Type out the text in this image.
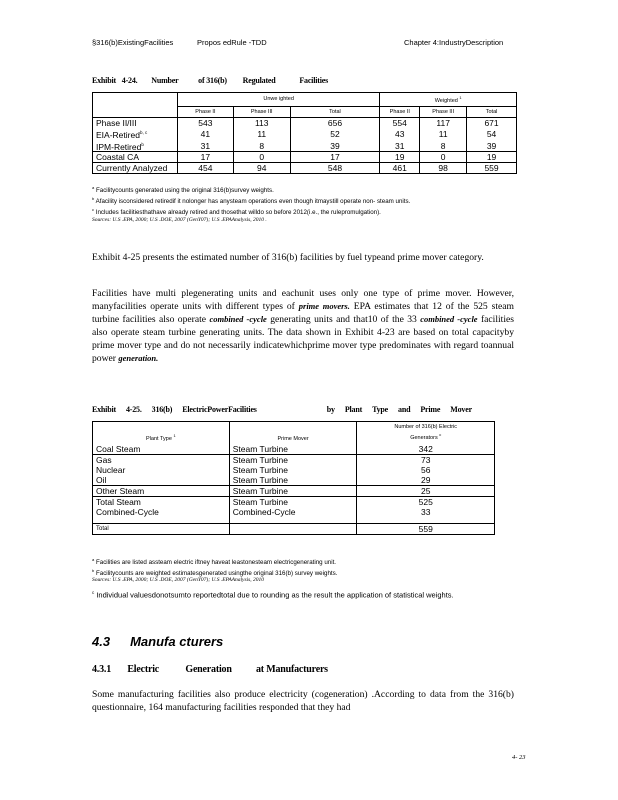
§316(b)ExistingFacilities	Propos edRule -TDD	Chapter 4:IndustryDescription
Exhibit 4-24. Number of 316(b) Regulated	Facilities
	Unwe ighted			Weighted $^1$
	Phase II	Phase III	Total	Phase II	Phase III	Total
Phase II/III	543	113	656	554	117	671
EIA-Retired$^{b, c}$	41	11	52	43	11	54
IPM-Retired$^b$	31	8	39	31	8	39
Coastal CA	17	0	17	19	0	19
Currently Analyzed	454	94	548	461	98	559
$^a$ Facilitycounts generated using the original 316(b)survey weights.
$^b$ Afacility isconsidered retiredif it nolonger has anysteam operations even though itmaystill operate non- steam units.
$^c$ Includes facilitiesthathave already retired and thosethat willdo so before 2012(i.e., the rulepromulgation).
Sources: U.S .EPA, 2000; U.S .DOE, 2007 (GenY07); U.S .EPAAnalysis, 2010 .
Exhibit 4-25 presents the estimated number of 316(b) facilities by fuel typeand prime mover category.
Facilities have multi plegenerating units and eachunit uses only one type of prime mover. However, manyfacilities operate units with different types of prime movers. EPA estimates that 12 of the 525 steam turbine facilities also operate combined -cycle generating units and that10 of the 33 combined -cycle facilities also operate steam turbine generating units. The data shown in Exhibit 4-23 are based on total capacityby prime mover type and do not necessarily indicatewhichprime mover type predominates with regard toannual power generation.
Exhibit 4-25. 316(b) ElectricPowerFacilities	by Plant Type and Prime Mover
Plant Type $^1$	Prime Mover	Number of 316(b) Electric
Generators $^c$
Coal Steam	Steam Turbine	342
Gas	Steam Turbine	73
Nuclear	Steam Turbine	56
Oil	Steam Turbine	29
Other Steam	Steam Turbine	25
Total Steam	Steam Turbine	525
Combined-Cycle	Combined-Cycle	33
Total		559
$^a$ Facilities are listed assteam electric iftney haveat leastonesteam electricgenerating unit.
$^b$ Facilitycounts are weighted estimatesgenerated usingthe original 316(b) survey weights.
Sources: U.S .EPA, 2000; U.S .DOE, 2007 (GenY07); U.S .EPAAnalysis, 2010
$^c$ Individual valuesdonotsumto reportedtotal due to rounding as the result the application of statistical weights.
4.3 Manufa cturers
4.3.1 Electric	Generation at Manufacturers
Some manufacturing facilities also produce electricity (cogeneration) .According to data from the 316(b) questionnaire, 164 manufacturing facilities responded that they had
4- 23
